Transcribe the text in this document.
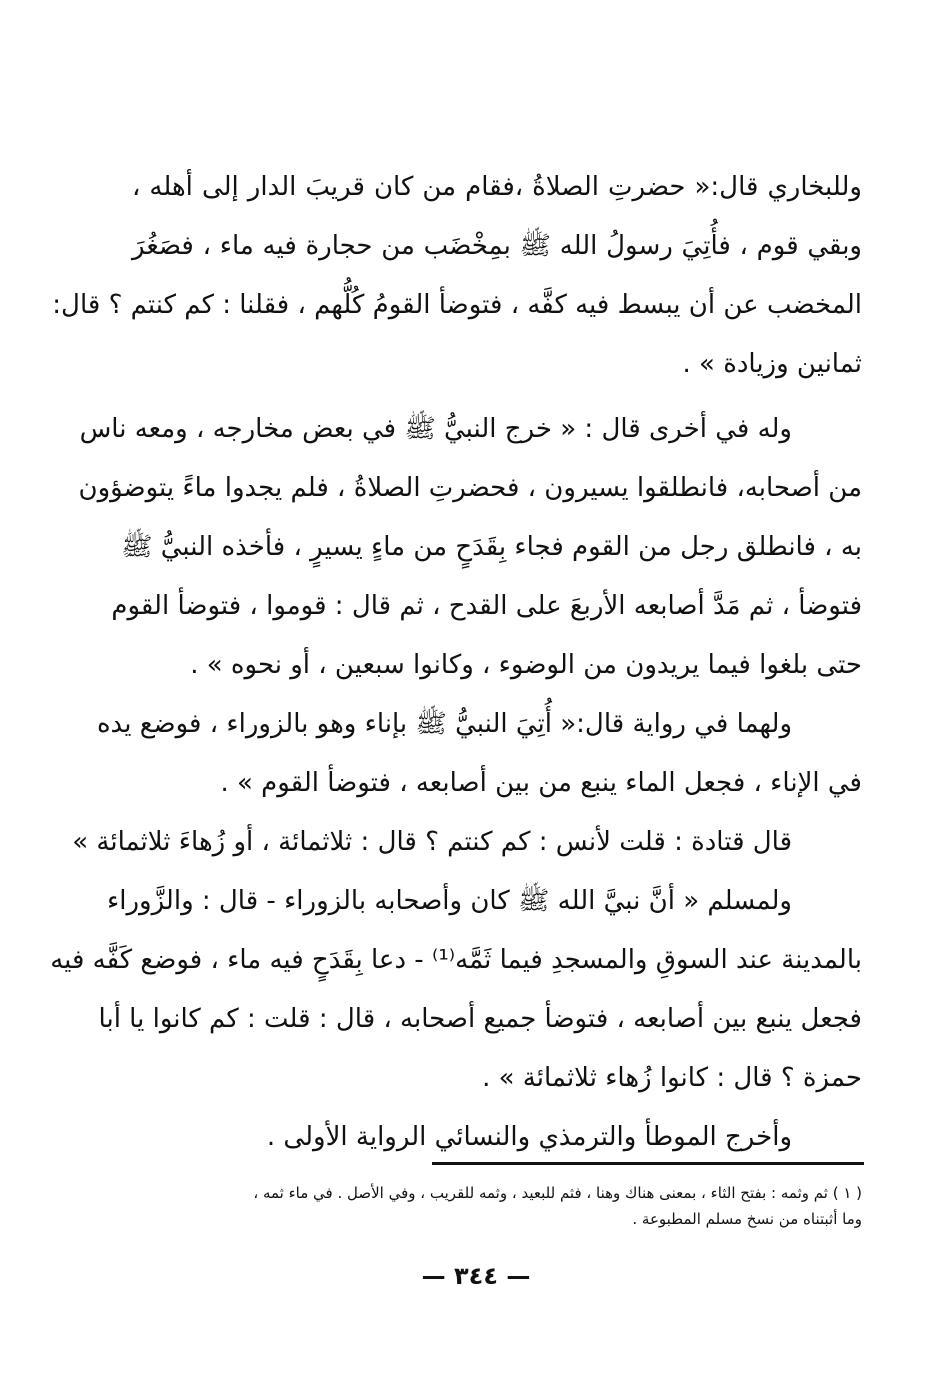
وللبخاري قال:« حضرتِ الصلاةُ ،فقام من كان قريبَ الدار إلى أهله ،
وبقي قوم ، فأُتِيَ رسولُ الله ﷺ بمِخْضَب من حجارة فيه ماء ، فصَغُرَ
المخضب عن أن يبسط فيه كفَّه ، فتوضأ القومُ كُلُّهم ، فقلنا : كم كنتم ؟ قال:
ثمانين وزيادة » .
وله في أخرى قال : « خرج النبيُّ ﷺ في بعض مخارجه ، ومعه ناس
من أصحابه، فانطلقوا يسيرون ، فحضرتِ الصلاةُ ، فلم يجدوا ماءً يتوضؤون
به ، فانطلق رجل من القوم فجاء بِقَدَحٍ من ماءٍ يسيرٍ ، فأخذه النبيُّ ﷺ
فتوضأ ، ثم مَدَّ أصابعه الأربعَ على القدح ، ثم قال : قوموا ، فتوضأ القوم
حتى بلغوا فيما يريدون من الوضوء ، وكانوا سبعين ، أو نحوه » .
ولهما في رواية قال:« أُتِيَ النبيُّ ﷺ بإناء وهو بالزوراء ، فوضع يده
في الإناء ، فجعل الماء ينبع من بين أصابعه ، فتوضأ القوم » .
قال قتادة : قلت لأنس : كم كنتم ؟ قال : ثلاثمائة ، أو زُهاءَ ثلاثمائة »
ولمسلم « أنَّ نبيَّ الله ﷺ كان وأصحابه بالزوراء - قال : والزَّوراء
بالمدينة عند السوقِ والمسجدِ فيما ثَمَّه⁽¹⁾ - دعا بِقَدَحٍ فيه ماء ، فوضع كَفَّه فيه
فجعل ينبع بين أصابعه ، فتوضأ جميع أصحابه ، قال : قلت : كم كانوا يا أبا
حمزة ؟ قال : كانوا زُهاء ثلاثمائة » .
وأخرج الموطأ والترمذي والنسائي الرواية الأولى .
( ١ ) ثم وثمه : بفتح الثاء ، بمعنى هناك وهنا ، فثم للبعيد ، وثمه للقريب ، وفي الأصل . في ماء ثمه ،
وما أثبتناه من نسخ مسلم المطبوعة .
— ٣٤٤ —
